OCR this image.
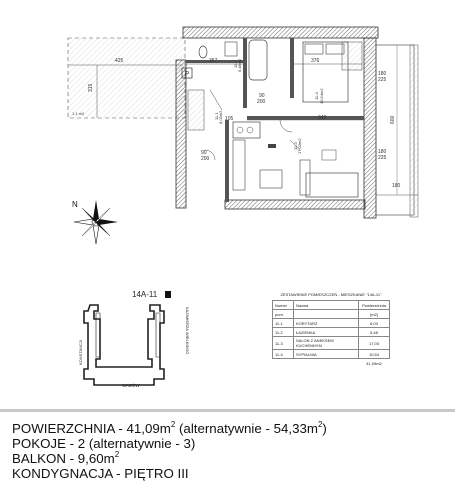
P
425	357	376
315
340
180
225
180
225
600
180
90
200
90
200
105
1.1 m2
11-2 5,48m2
11-4 10,54m2
11-1 8,03m2
11-3 17,03m2
N
14A-11
KONSTANCJI	KAZIMIERZA WIELKIEGO
WAZÓW
ZESTAWIENIE POMIESZCZEŃ - MIESZKANIE "14A-11"
Numer	Nazwa	Powierzchnia
pom.		[m2]
11-1	KORYTARZ	8,03
11-2	ŁAZIENKA	5,48
11-3	SALON Z ANEKSEM KUCHENNYM	17,03
11-4	SYPIALNIA	10,54
		41,09m2
POWIERZCHNIA - $41,09m^2$ (alternatywnie - $54,33m^2$)
POKOJE - 2 (alternatywnie - 3)
BALKON - $9,60m^2$
KONDYGNACJA - PIĘTRO III
